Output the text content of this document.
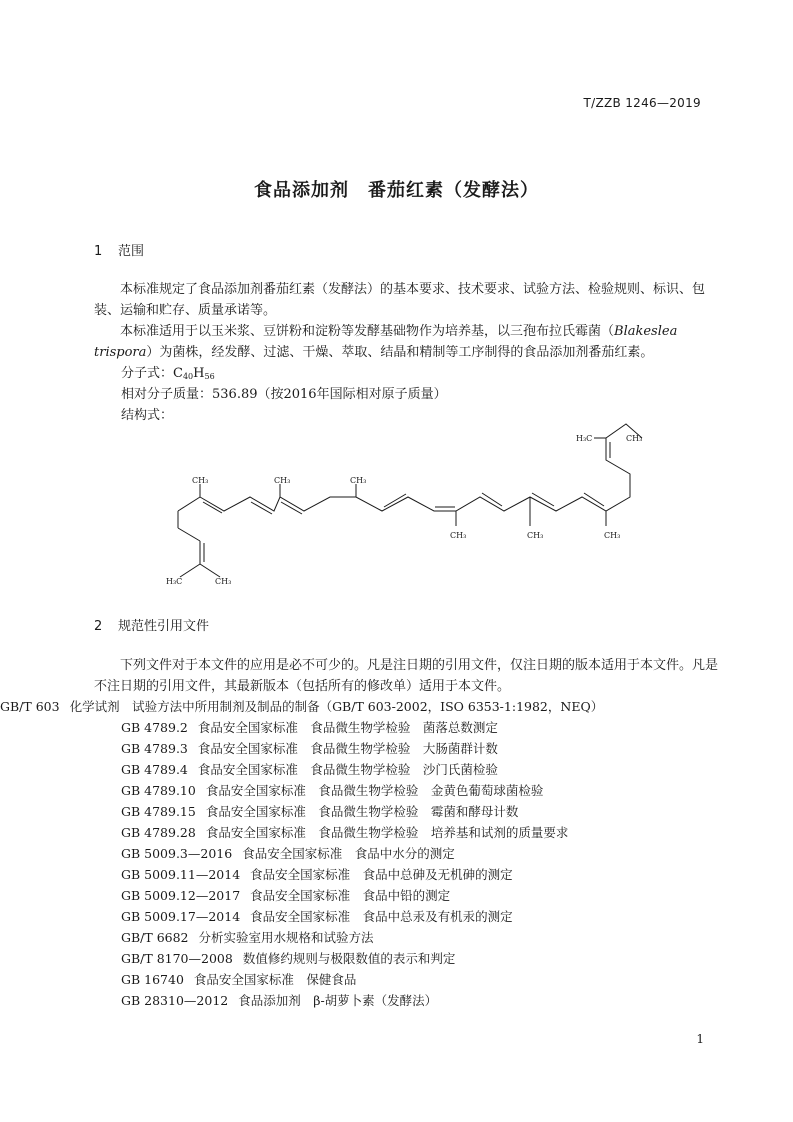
T/ZZB 1246—2019
食品添加剂　番茄红素（发酵法）
1 范围
本标准规定了食品添加剂番茄红素（发酵法）的基本要求、技术要求、试验方法、检验规则、标识、包装、运输和贮存、质量承诺等。
本标准适用于以玉米浆、豆饼粉和淀粉等发酵基础物作为培养基，以三孢布拉氏霉菌（Blakeslea trispora）为菌株，经发酵、过滤、干燥、萃取、结晶和精制等工序制得的食品添加剂番茄红素。
分子式：$C_{40}H_{56}$
相对分子质量：536.89（按2016年国际相对原子质量）
结构式：
H₃C	CH₃
CH₃	CH₃	CH₃
CH₃	CH₃	CH₃
H₃C	CH₃
2 规范性引用文件
下列文件对于本文件的应用是必不可少的。凡是注日期的引用文件，仅注日期的版本适用于本文件。凡是不注日期的引用文件，其最新版本（包括所有的修改单）适用于本文件。
GB/T 603 化学试剂　试验方法中所用制剂及制品的制备（GB/T 603-2002，ISO 6353-1:1982，NEQ）
GB 4789.2 食品安全国家标准　食品微生物学检验　菌落总数测定
GB 4789.3 食品安全国家标准　食品微生物学检验　大肠菌群计数
GB 4789.4 食品安全国家标准　食品微生物学检验　沙门氏菌检验
GB 4789.10 食品安全国家标准　食品微生物学检验　金黄色葡萄球菌检验
GB 4789.15 食品安全国家标准　食品微生物学检验　霉菌和酵母计数
GB 4789.28 食品安全国家标准　食品微生物学检验　培养基和试剂的质量要求
GB 5009.3—2016 食品安全国家标准　食品中水分的测定
GB 5009.11—2014 食品安全国家标准　食品中总砷及无机砷的测定
GB 5009.12—2017 食品安全国家标准　食品中铅的测定
GB 5009.17—2014 食品安全国家标准　食品中总汞及有机汞的测定
GB/T 6682 分析实验室用水规格和试验方法
GB/T 8170—2008 数值修约规则与极限数值的表示和判定
GB 16740 食品安全国家标准　保健食品
GB 28310—2012 食品添加剂　β-胡萝卜素（发酵法）
1
